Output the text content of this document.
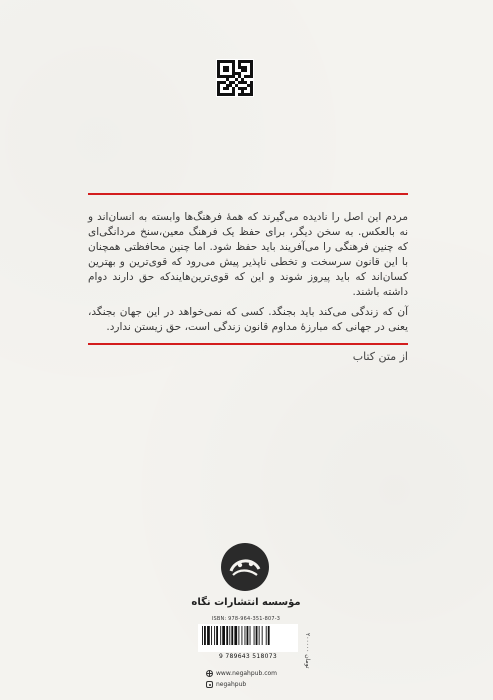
مردم این اصل را نادیده می‌گیرند که همهٔ فرهنگ‌ها وابسته به انسان‌اند و نه بالعکس. به سخن دیگر، برای حفظ یک فرهنگ معین،سنخ مردانگی‌ای که چنین فرهنگی را می‌آفریند باید حفظ شود. اما چنین محافظتی همچنان با این قانون سرسخت و تخطی ناپذیر پیش می‌رود که قوی‌ترین و بهترین کسان‌اند که باید پیروز شوند و این که قوی‌ترین‌هایندکه حق دارند دوام داشته باشند.

آن که زندگی می‌کند باید بجنگد. کسی که نمی‌خواهد در این جهان بجنگد، یعنی در جهانی که مبارزهٔ مداوم قانون زندگی است، حق زیستن ندارد.

از متن کتاب
مؤسسه انتشارات نگاه
ISBN: 978-964-351-807-3
9 789643 518073
۲۰۰۰۰۰ تومان
www.negahpub.com
negahpub
